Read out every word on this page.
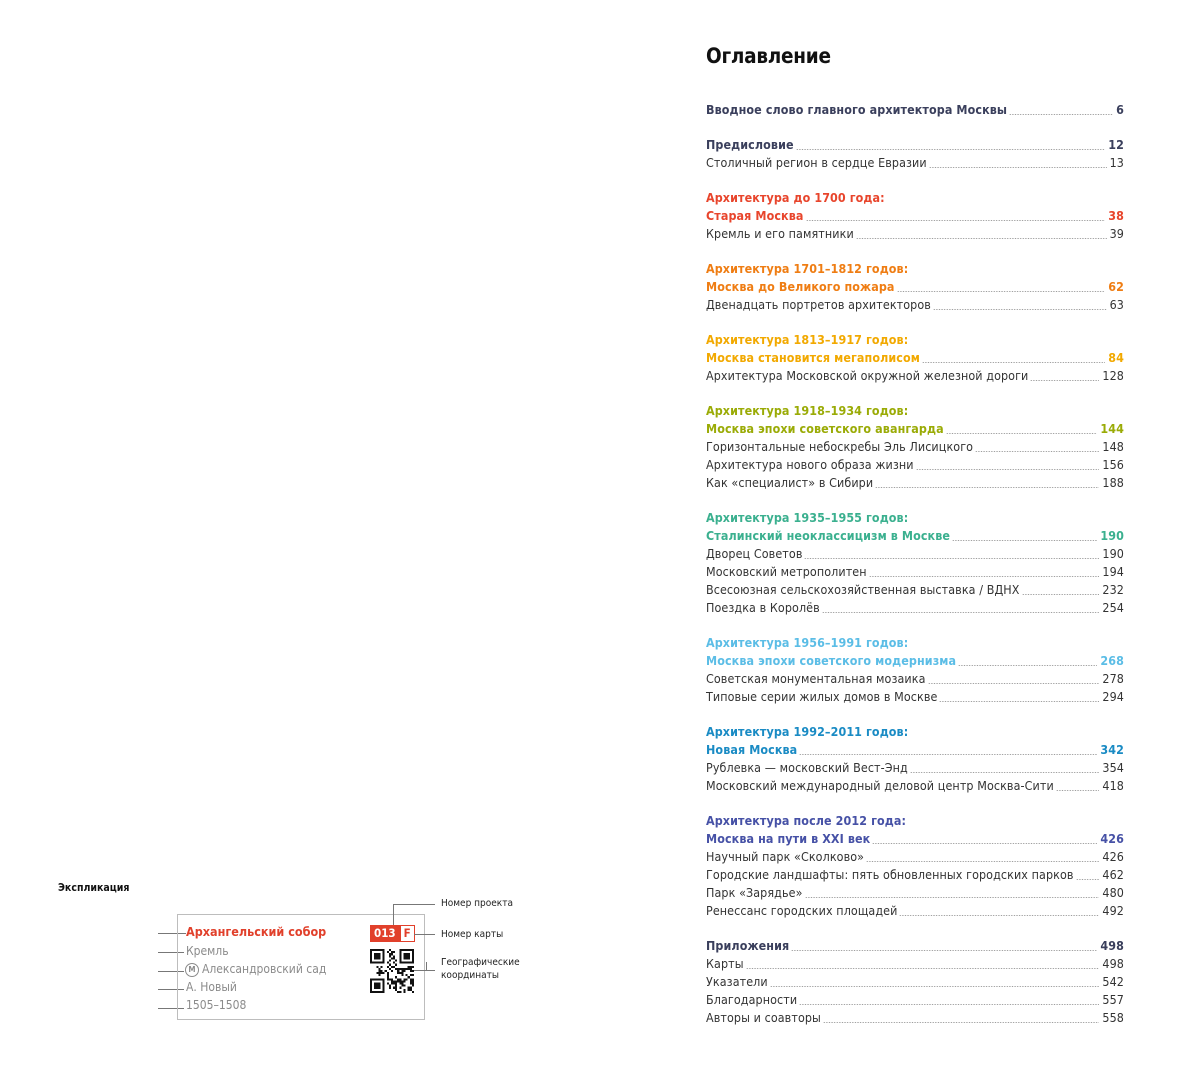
Оглавление
Вводное слово главного архитектора Москвы	6
Предисловие	12
Столичный регион в сердце Евразии	13
Архитектура до 1700 года:
Старая Москва	38
Кремль и его памятники	39
Архитектура 1701–1812 годов:
Москва до Великого пожара	62
Двенадцать портретов архитекторов	63
Архитектура 1813–1917 годов:
Москва становится мегаполисом	84
Архитектура Московской окружной железной дороги	128
Архитектура 1918–1934 годов:
Москва эпохи советского авангарда	144
Горизонтальные небоскребы Эль Лисицкого	148
Архитектура нового образа жизни	156
Как «специалист» в Сибири	188
Архитектура 1935–1955 годов:
Сталинский неоклассицизм в Москве	190
Дворец Советов	190
Московский метрополитен	194
Всесоюзная сельскохозяйственная выставка / ВДНХ	232
Поездка в Королёв	254
Архитектура 1956–1991 годов:
Москва эпохи советского модернизма	268
Советская монументальная мозаика	278
Типовые серии жилых домов в Москве	294
Архитектура 1992–2011 годов:
Новая Москва	342
Рублевка — московский Вест-Энд	354
Московский международный деловой центр Москва-Сити	418
Архитектура после 2012 года:
Москва на пути в XXI век	426
Научный парк «Сколково»	426
Городские ландшафты: пять обновленных городских парков 462
Парк «Зарядье»	480
Ренессанс городских площадей	492
Приложения	498
Карты	498
Указатели	542
Благодарности	557
Авторы и соавторы	558
Экспликация
Архангельский собор
Кремль
М Александровский сад
А. Новый
1505–1508
013 F
Номер проекта
Номер карты
Географические
координаты
